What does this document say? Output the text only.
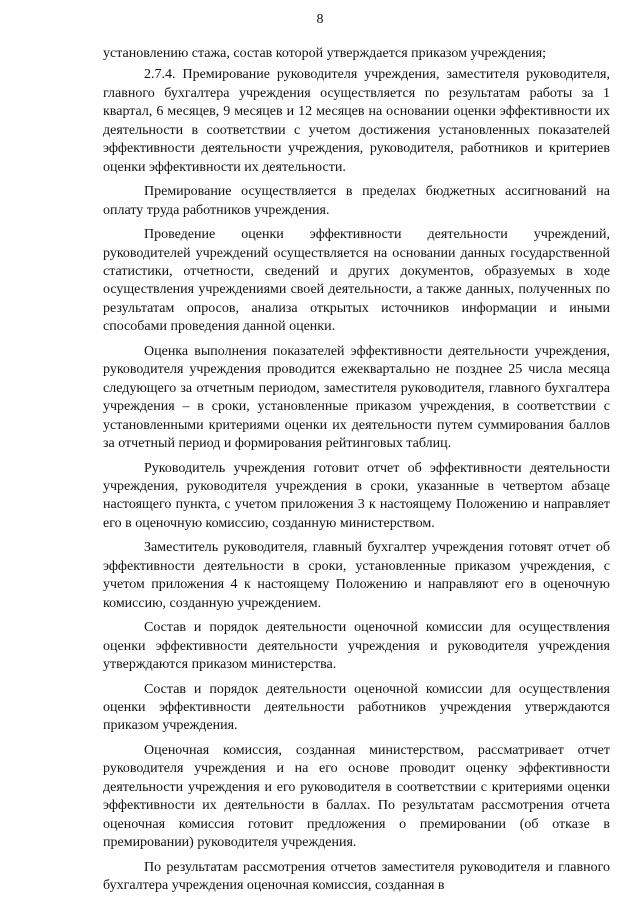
8

установлению стажа, состав которой утверждается приказом учреждения;

2.7.4. Премирование руководителя учреждения, заместителя руководителя, главного бухгалтера учреждения осуществляется по результатам работы за 1 квартал, 6 месяцев, 9 месяцев и 12 месяцев на основании оценки эффективности их деятельности в соответствии с учетом достижения установленных показателей эффективности деятельности учреждения, руководителя, работников и критериев оценки эффективности их деятельности.

Премирование осуществляется в пределах бюджетных ассигнований на оплату труда работников учреждения.

Проведение оценки эффективности деятельности учреждений, руководителей учреждений осуществляется на основании данных государственной статистики, отчетности, сведений и других документов, образуемых в ходе осуществления учреждениями своей деятельности, а также данных, полученных по результатам опросов, анализа открытых источников информации и иными способами проведения данной оценки.

Оценка выполнения показателей эффективности деятельности учреждения, руководителя учреждения проводится ежеквартально не позднее 25 числа месяца следующего за отчетным периодом, заместителя руководителя, главного бухгалтера учреждения – в сроки, установленные приказом учреждения, в соответствии с установленными критериями оценки их деятельности путем суммирования баллов за отчетный период и формирования рейтинговых таблиц.

Руководитель учреждения готовит отчет об эффективности деятельности учреждения, руководителя учреждения в сроки, указанные в четвертом абзаце настоящего пункта, с учетом приложения 3 к настоящему Положению и направляет его в оценочную комиссию, созданную министерством.

Заместитель руководителя, главный бухгалтер учреждения готовят отчет об эффективности деятельности в сроки, установленные приказом учреждения, с учетом приложения 4 к настоящему Положению и направляют его в оценочную комиссию, созданную учреждением.

Состав и порядок деятельности оценочной комиссии для осуществления оценки эффективности деятельности учреждения и руководителя учреждения утверждаются приказом министерства.

Состав и порядок деятельности оценочной комиссии для осуществления оценки эффективности деятельности работников учреждения утверждаются приказом учреждения.

Оценочная комиссия, созданная министерством, рассматривает отчет руководителя учреждения и на его основе проводит оценку эффективности деятельности учреждения и его руководителя в соответствии с критериями оценки эффективности их деятельности в баллах. По результатам рассмотрения отчета оценочная комиссия готовит предложения о премировании (об отказе в премировании) руководителя учреждения.

По результатам рассмотрения отчетов заместителя руководителя и главного бухгалтера учреждения оценочная комиссия, созданная в
